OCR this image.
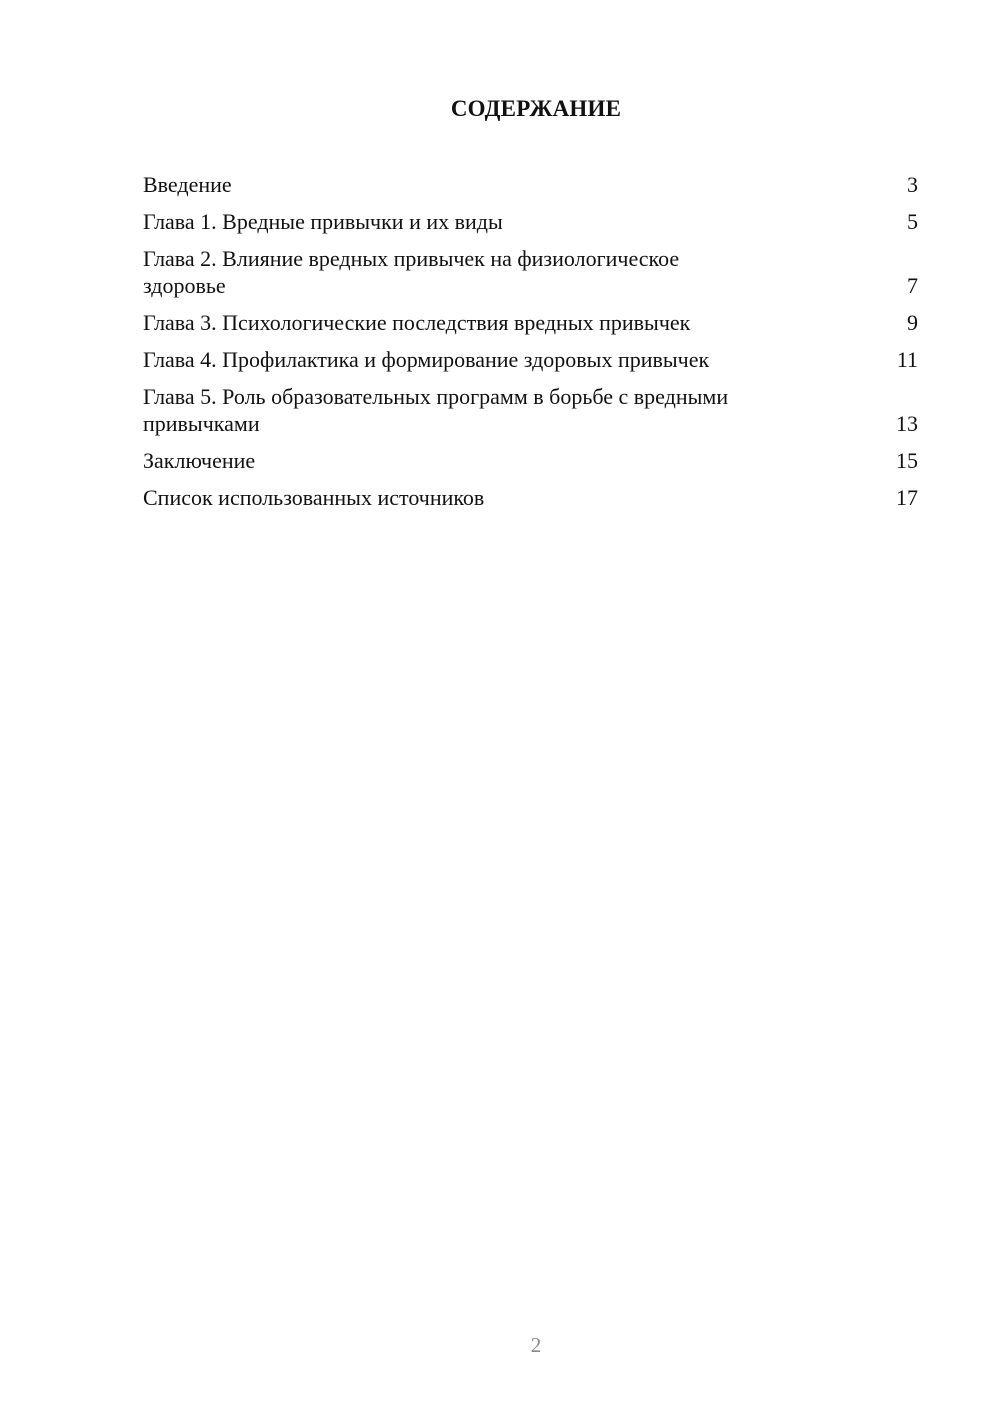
СОДЕРЖАНИЕ
Введение	3
Глава 1. Вредные привычки и их виды	5
Глава 2. Влияние вредных привычек на физиологическое здоровье	7
Глава 3. Психологические последствия вредных привычек	9
Глава 4. Профилактика и формирование здоровых привычек	11
Глава 5. Роль образовательных программ в борьбе с вредными привычками	13
Заключение	15
Список использованных источников	17
2
